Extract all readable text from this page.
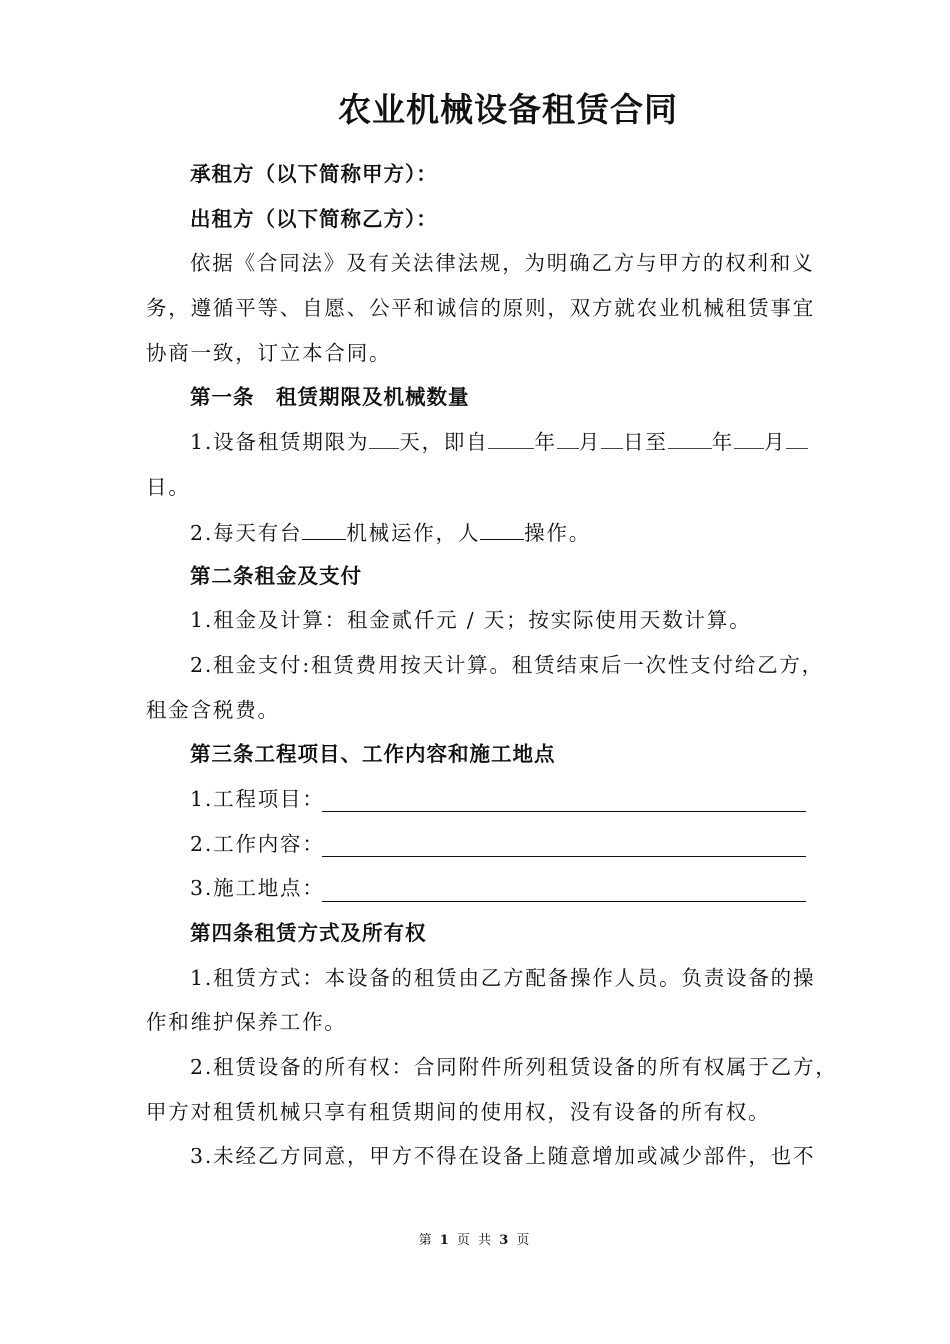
农业机械设备租赁合同
承租方（以下简称甲方）：
出租方（以下简称乙方）：
依据《合同法》及有关法律法规，为明确乙方与甲方的权利和义
务，遵循平等、自愿、公平和诚信的原则，双方就农业机械租赁事宜
协商一致，订立本合同。
第一条　租赁期限及机械数量
1.设备租赁期限为 天，即自 年 月 日至 年 月
日。
2.每天有台 机械运作，人 操作。
第二条租金及支付
1.租金及计算：租金贰仟元 / 天；按实际使用天数计算。
2.租金支付:租赁费用按天计算。租赁结束后一次性支付给乙方，
租金含税费。
第三条工程项目、工作内容和施工地点
1.工程项目：
2.工作内容：
3.施工地点：
第四条租赁方式及所有权
1.租赁方式：本设备的租赁由乙方配备操作人员。负责设备的操
作和维护保养工作。
2.租赁设备的所有权：合同附件所列租赁设备的所有权属于乙方，
甲方对租赁机械只享有租赁期间的使用权，没有设备的所有权。
3.未经乙方同意，甲方不得在设备上随意增加或减少部件，也不
第 1 页 共 3 页
